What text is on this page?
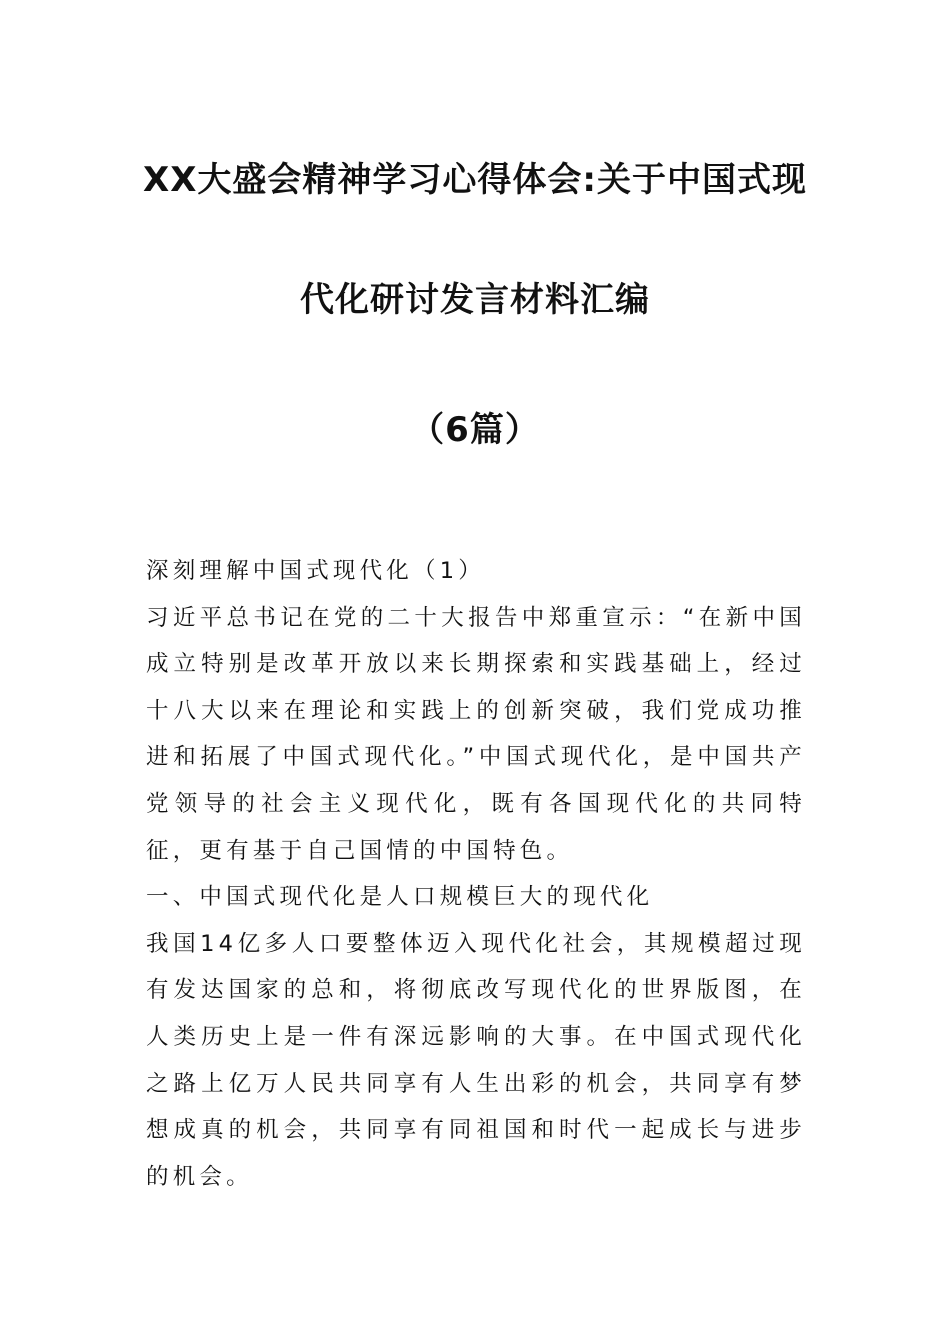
XX大盛会精神学习心得体会:关于中国式现
代化研讨发言材料汇编
（6篇）

深刻理解中国式现代化（1）

习近平总书记在党的二十大报告中郑重宣示：“在新中国成立特别是改革开放以来长期探索和实践基础上，经过十八大以来在理论和实践上的创新突破，我们党成功推进和拓展了中国式现代化。”中国式现代化，是中国共产党领导的社会主义现代化，既有各国现代化的共同特征，更有基于自己国情的中国特色。

一、中国式现代化是人口规模巨大的现代化

我国14亿多人口要整体迈入现代化社会，其规模超过现有发达国家的总和，将彻底改写现代化的世界版图，在人类历史上是一件有深远影响的大事。在中国式现代化之路上亿万人民共同享有人生出彩的机会，共同享有梦想成真的机会，共同享有同祖国和时代一起成长与进步的机会。
